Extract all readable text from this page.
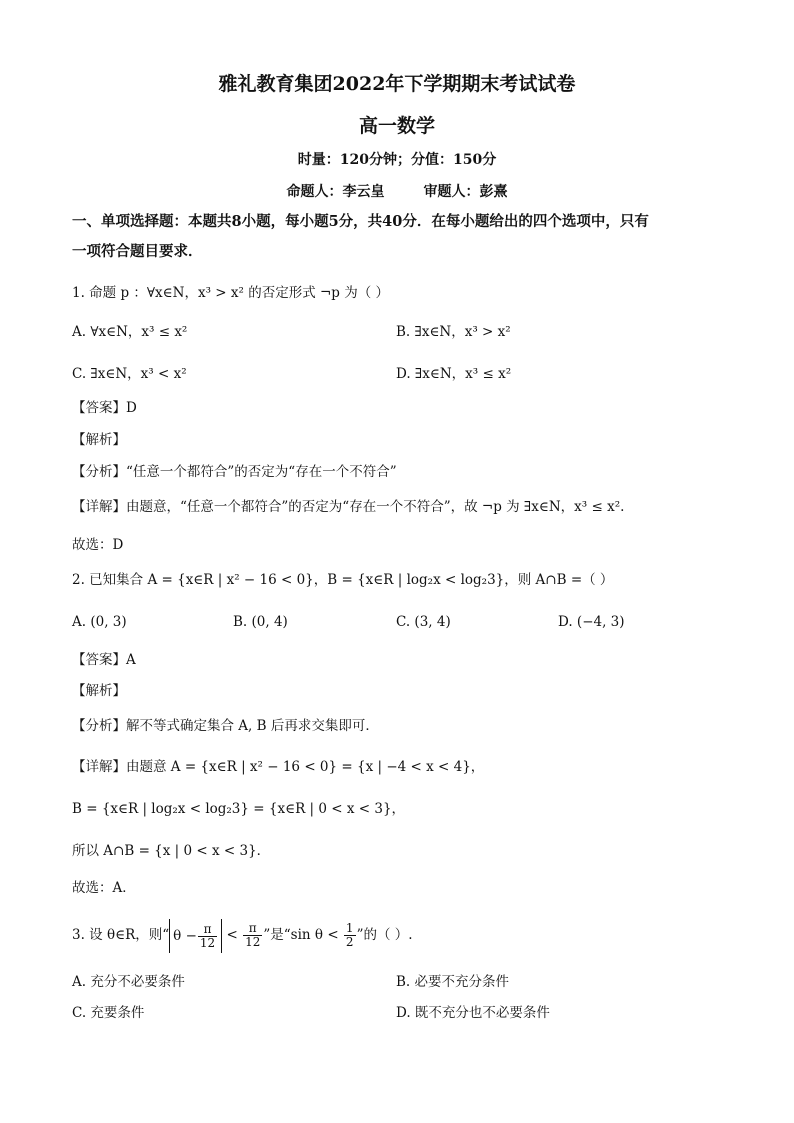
雅礼教育集团2022年下学期期末考试试卷
高一数学
时量：120分钟；分值：150分
命题人：李云皇        审题人：彭熹
一、单项选择题：本题共8小题，每小题5分，共40分．在每小题给出的四个选项中，只有
一项符合题目要求．
1. 命题 p ：∀x∈N，x³ > x² 的否定形式 ¬p 为（ ）
A. ∀x∈N，x³ ≤ x²	B. ∃x∈N，x³ > x²
C. ∃x∈N，x³ < x²	D. ∃x∈N，x³ ≤ x²
【答案】D
【解析】
【分析】“任意一个都符合”的否定为“存在一个不符合”
【详解】由题意，“任意一个都符合”的否定为“存在一个不符合”，故 ¬p 为 ∃x∈N，x³ ≤ x².
故选：D
2. 已知集合 A = {x∈R | x² − 16 < 0}，B = {x∈R | log₂x < log₂3}，则 A∩B =（ ）
A. (0, 3)	B. (0, 4)	C. (3, 4)	D. (−4, 3)
【答案】A
【解析】
【分析】解不等式确定集合 A, B 后再求交集即可．
【详解】由题意 A = {x∈R | x² − 16 < 0} = {x | −4 < x < 4}，
B = {x∈R | log₂x < log₂3} = {x∈R | 0 < x < 3}，
所以 A∩B = {x | 0 < x < 3}．
故选：A．
3. 设 θ∈R，则“ $\theta - \frac{\pi}{12} < \frac{\pi}{12}$ ”是“sin $\theta < \frac{1}{2}$ ”的（ ）.
A. 充分不必要条件	B. 必要不充分条件
C. 充要条件	D. 既不充分也不必要条件
